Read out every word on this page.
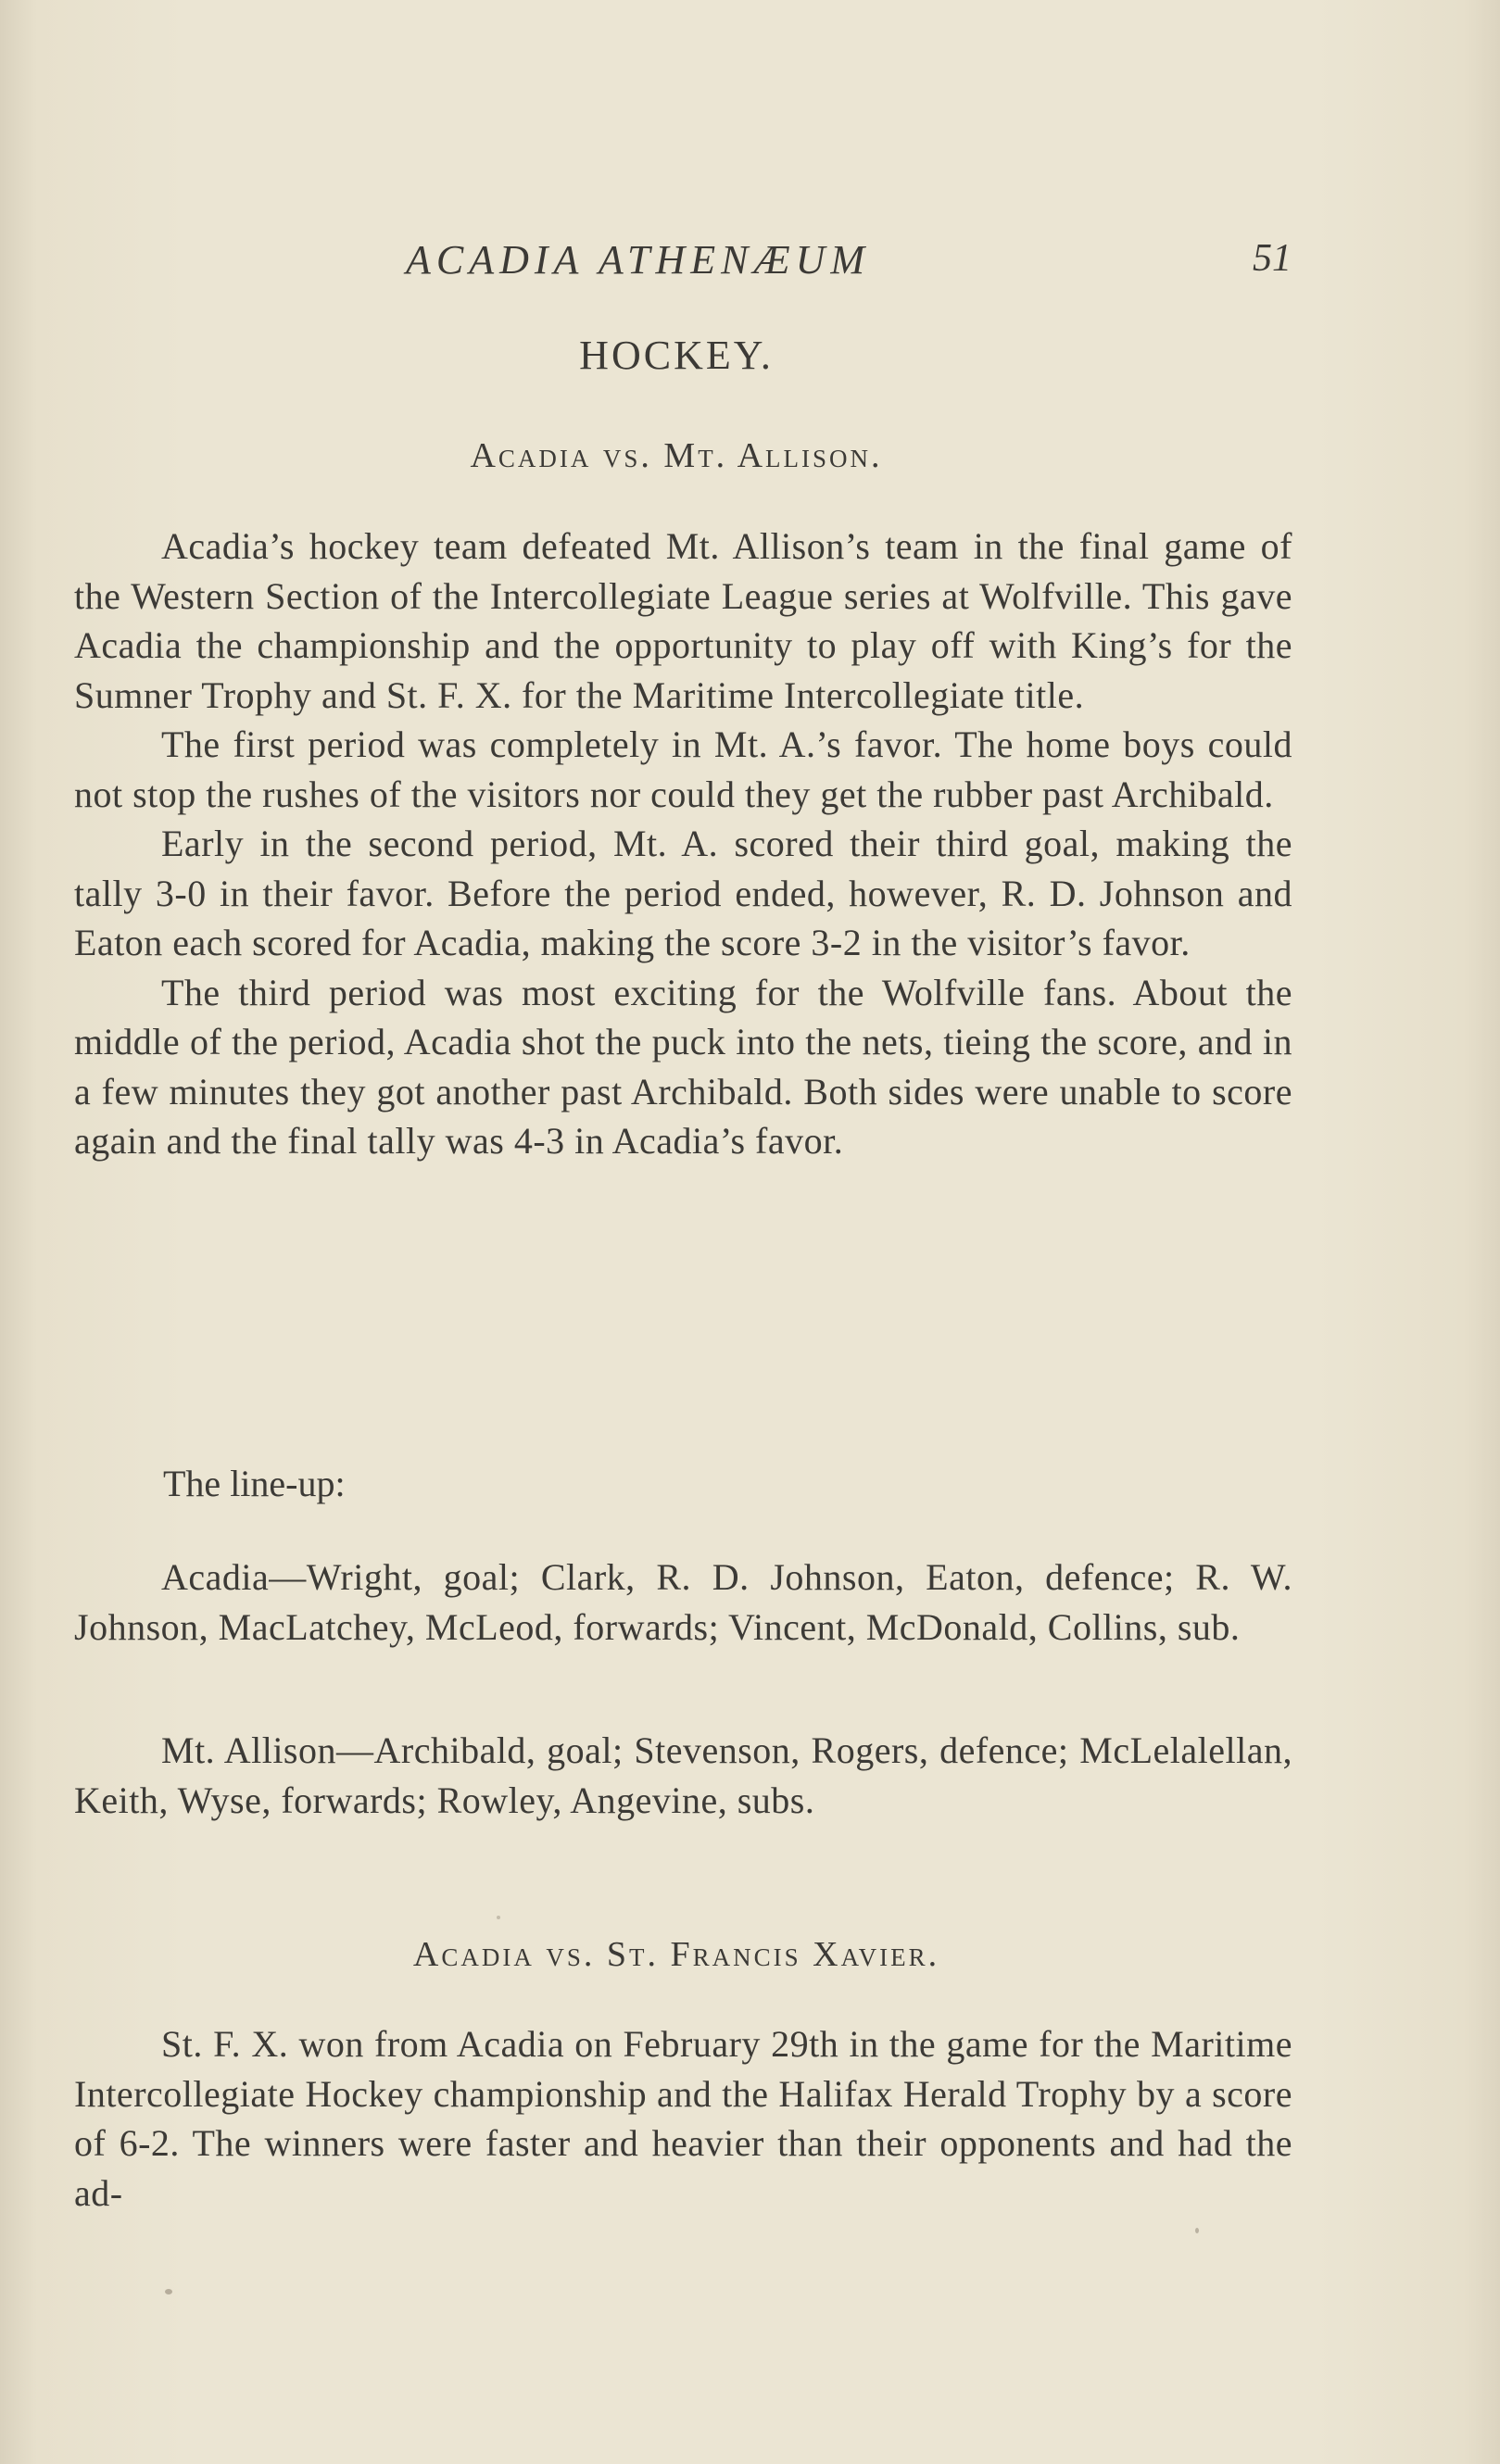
ACADIA ATHENÆUM	51
HOCKEY.
Acadia vs. Mt. Allison.

Acadia’s hockey team defeated Mt. Allison’s team in the final game of the Western Section of the Intercollegiate League series at Wolfville. This gave Acadia the championship and the opportunity to play off with King’s for the Sumner Trophy and St. F. X. for the Maritime Intercollegiate title.

The first period was completely in Mt. A.’s favor. The home boys could not stop the rushes of the visitors nor could they get the rubber past Archibald.

Early in the second period, Mt. A. scored their third goal, making the tally 3-0 in their favor. Before the period ended, however, R. D. Johnson and Eaton each scored for Acadia, making the score 3-2 in the visitor’s favor.

The third period was most exciting for the Wolfville fans. About the middle of the period, Acadia shot the puck into the nets, tieing the score, and in a few minutes they got another past Archibald. Both sides were unable to score again and the final tally was 4-3 in Acadia’s favor.

The line-up:

Acadia—Wright, goal; Clark, R. D. Johnson, Eaton, defence; R. W. Johnson, MacLatchey, McLeod, forwards; Vincent, McDonald, Collins, sub.

Mt. Allison—Archibald, goal; Stevenson, Rogers, defence; McLelalellan, Keith, Wyse, forwards; Rowley, Angevine, subs.

Acadia vs. St. Francis Xavier.

St. F. X. won from Acadia on February 29th in the game for the Maritime Intercollegiate Hockey championship and the Halifax Herald Trophy by a score of 6-2. The winners were faster and heavier than their opponents and had the ad-
